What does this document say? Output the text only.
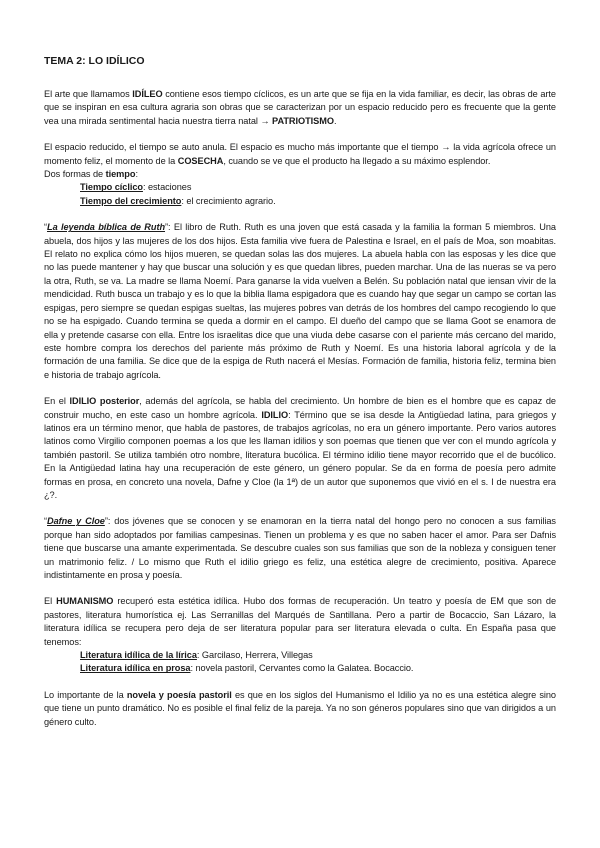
TEMA 2: LO IDÍLICO

El arte que llamamos IDÍLEO contiene esos tiempo cíclicos, es un arte que se fija en la vida familiar, es decir, las obras de arte que se inspiran en esa cultura agraria son obras que se caracterizan por un espacio reducido pero es frecuente que la gente vea una mirada sentimental hacia nuestra tierra natal → PATRIOTISMO.

El espacio reducido, el tiempo se auto anula. El espacio es mucho más importante que el tiempo → la vida agrícola ofrece un momento feliz, el momento de la COSECHA, cuando se ve que el producto ha llegado a su máximo esplendor.

Dos formas de tiempo:

Tiempo cíclico: estaciones

Tiempo del crecimiento: el crecimiento agrario.

“La leyenda bíblica de Ruth”: El libro de Ruth. Ruth es una joven que está casada y la familia la forman 5 miembros. Una abuela, dos hijos y las mujeres de los dos hijos. Esta familia vive fuera de Palestina e Israel, en el país de Moa, son moabitas. El relato no explica cómo los hijos mueren, se quedan solas las dos mujeres. La abuela habla con las esposas y les dice que no las puede mantener y hay que buscar una solución y es que quedan libres, pueden marchar. Una de las nueras se va pero la otra, Ruth, se va. La madre se llama Noemí. Para ganarse la vida vuelven a Belén. Su población natal que iensan vivir de la mendicidad. Ruth busca un trabajo y es lo que la biblia llama espigadora que es cuando hay que segar un campo se cortan las espigas, pero siempre se quedan espigas sueltas, las mujeres pobres van detrás de los hombres del campo recogiendo lo que no se ha espigado. Cuando termina se queda a dormir en el campo. El dueño del campo que se llama Goot se enamora de ella y pretende casarse con ella. Entre los israelitas dice que una viuda debe casarse con el pariente más cercano del marido, este hombre compra los derechos del pariente más próximo de Ruth y Noemí. Es una historia laboral agrícola y de la formación de una familia. Se dice que de la espiga de Ruth nacerá el Mesías. Formación de familia, historia feliz, termina bien e historia de trabajo agrícola.

En el IDILIO posterior, además del agrícola, se habla del crecimiento. Un hombre de bien es el hombre que es capaz de construir mucho, en este caso un hombre agrícola. IDILIO: Término que se isa desde la Antigüedad latina, para griegos y latinos era un término menor, que habla de pastores, de trabajos agrícolas, no era un género importante. Pero varios autores latinos como Virgilio componen poemas a los que les llaman idilios y son poemas que tienen que ver con el mundo agrícola y también pastoril. Se utiliza también otro nombre, literatura bucólica. El término idilio tiene mayor recorrido que el de bucólico. En la Antigüedad latina hay una recuperación de este género, un género popular. Se da en forma de poesía pero admite formas en prosa, en concreto una novela, Dafne y Cloe (la 1ª) de un autor que suponemos que vivió en el s. I de nuestra era ¿?.

“Dafne y Cloe”: dos jóvenes que se conocen y se enamoran en la tierra natal del hongo pero no conocen a sus familias porque han sido adoptados por familias campesinas. Tienen un problema y es que no saben hacer el amor. Para ser Dafnis tiene que buscarse una amante experimentada. Se descubre cuales son sus familias que son de la nobleza y consiguen tener un matrimonio feliz. / Lo mismo que Ruth el idilio griego es feliz, una estética alegre de crecimiento, positiva. Aparece indistintamente en prosa y poesía.

El HUMANISMO recuperó esta estética idílica. Hubo dos formas de recuperación. Un teatro y poesía de EM que son de pastores, literatura humorística ej. Las Serranillas del Marqués de Santillana. Pero a partir de Bocaccio, San Lázaro, la literatura idílica se recupera pero deja de ser literatura popular para ser literatura elevada o culta. En España pasa que tenemos:

Literatura idílica de la lírica: Garcilaso, Herrera, Villegas

Literatura idílica en prosa: novela pastoril, Cervantes como la Galatea. Bocaccio.

Lo importante de la novela y poesía pastoril es que en los siglos del Humanismo el Idilio ya no es una estética alegre sino que tiene un punto dramático. No es posible el final feliz de la pareja. Ya no son géneros populares sino que van dirigidos a un género culto.
